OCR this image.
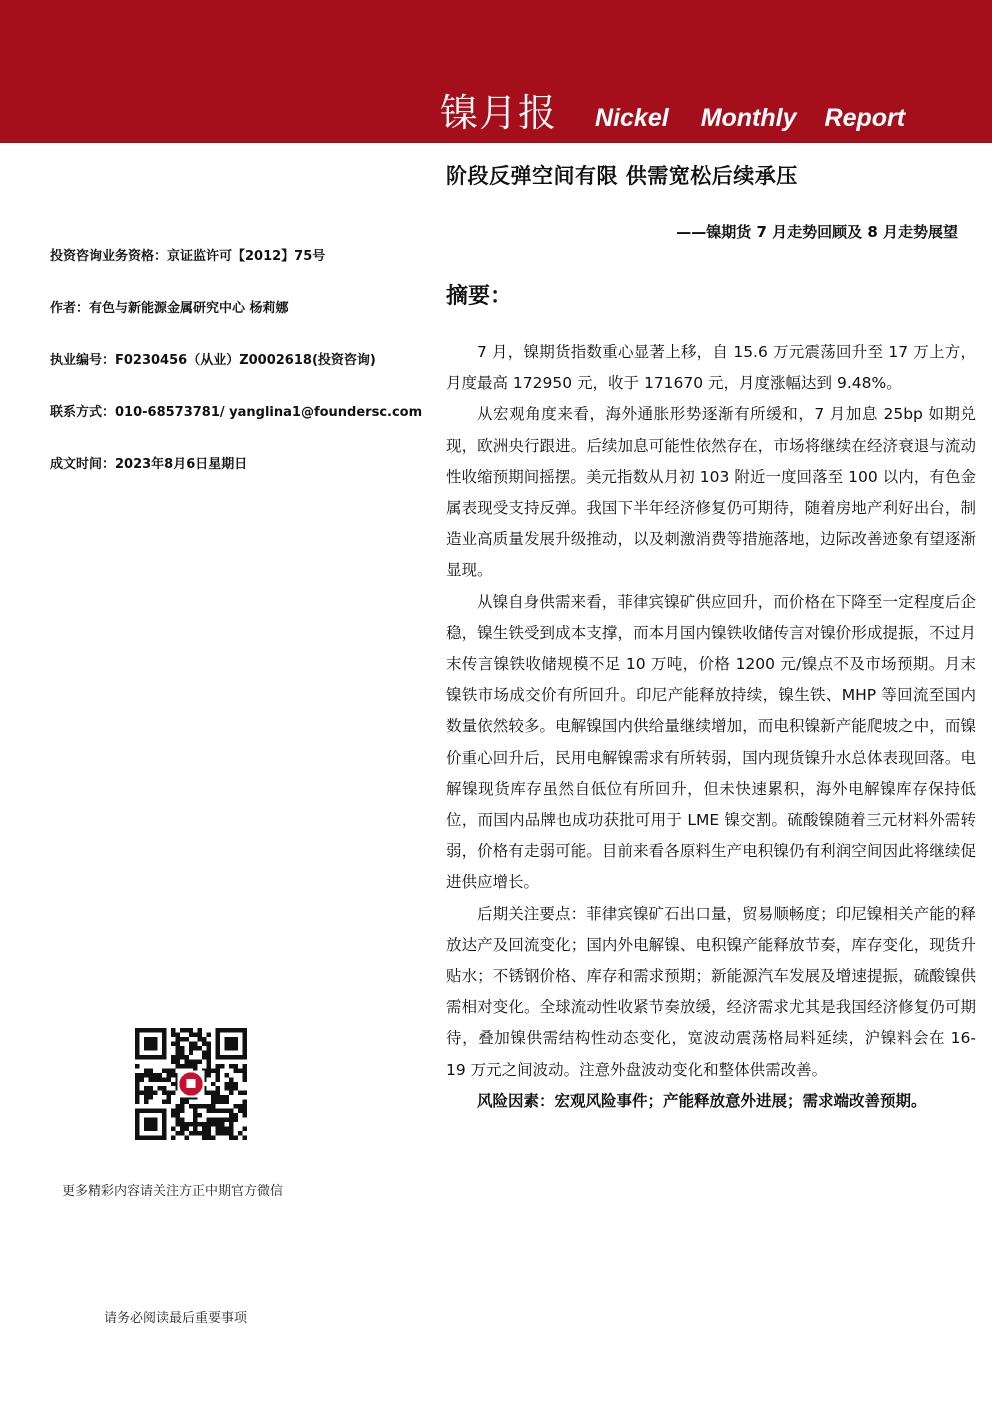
镍月报 Nickel Monthly Report
阶段反弹空间有限 供需宽松后续承压
——镍期货 7 月走势回顾及 8 月走势展望
投资咨询业务资格：京证监许可【2012】75号
作者：有色与新能源金属研究中心 杨莉娜
执业编号：F0230456（从业）Z0002618(投资咨询)
联系方式：010-68573781/ yanglina1@foundersc.com
成文时间：2023年8月6日星期日
摘要：

7 月，镍期货指数重心显著上移，自 15.6 万元震荡回升至 17 万上方，月度最高 172950 元，收于 171670 元，月度涨幅达到 9.48%。

从宏观角度来看，海外通胀形势逐渐有所缓和，7 月加息 25bp 如期兑现，欧洲央行跟进。后续加息可能性依然存在，市场将继续在经济衰退与流动性收缩预期间摇摆。美元指数从月初 103 附近一度回落至 100 以内，有色金属表现受支持反弹。我国下半年经济修复仍可期待，随着房地产利好出台，制造业高质量发展升级推动，以及刺激消费等措施落地，边际改善迹象有望逐渐显现。

从镍自身供需来看，菲律宾镍矿供应回升，而价格在下降至一定程度后企稳，镍生铁受到成本支撑，而本月国内镍铁收储传言对镍价形成提振，不过月末传言镍铁收储规模不足 10 万吨，价格 1200 元/镍点不及市场预期。月末镍铁市场成交价有所回升。印尼产能释放持续，镍生铁、MHP 等回流至国内数量依然较多。电解镍国内供给量继续增加，而电积镍新产能爬坡之中，而镍价重心回升后，民用电解镍需求有所转弱，国内现货镍升水总体表现回落。电解镍现货库存虽然自低位有所回升，但未快速累积，海外电解镍库存保持低位，而国内品牌也成功获批可用于 LME 镍交割。硫酸镍随着三元材料外需转弱，价格有走弱可能。目前来看各原料生产电积镍仍有利润空间因此将继续促进供应增长。

后期关注要点：菲律宾镍矿石出口量，贸易顺畅度；印尼镍相关产能的释放达产及回流变化；国内外电解镍、电积镍产能释放节奏，库存变化，现货升贴水；不锈钢价格、库存和需求预期；新能源汽车发展及增速提振，硫酸镍供需相对变化。全球流动性收紧节奏放缓，经济需求尤其是我国经济修复仍可期待，叠加镍供需结构性动态变化，宽波动震荡格局料延续，沪镍料会在 16-19 万元之间波动。注意外盘波动变化和整体供需改善。

风险因素：宏观风险事件；产能释放意外进展；需求端改善预期。

更多精彩内容请关注方正中期官方微信
请务必阅读最后重要事项
